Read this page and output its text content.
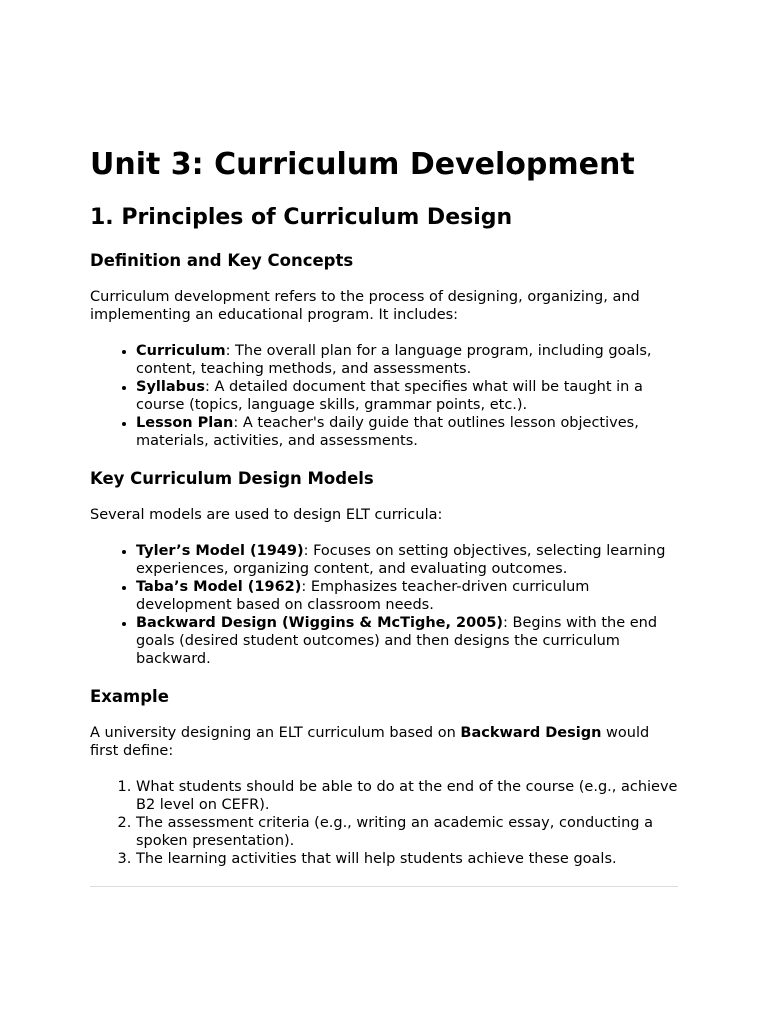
Unit 3: Curriculum Development
1. Principles of Curriculum Design
Definition and Key Concepts

Curriculum development refers to the process of designing, organizing, and implementing an educational program. It includes:

• Curriculum: The overall plan for a language program, including goals, content, teaching methods, and assessments.
• Syllabus: A detailed document that specifies what will be taught in a course (topics, language skills, grammar points, etc.).
• Lesson Plan: A teacher's daily guide that outlines lesson objectives, materials, activities, and assessments.
Key Curriculum Design Models

Several models are used to design ELT curricula:

• Tyler’s Model (1949): Focuses on setting objectives, selecting learning experiences, organizing content, and evaluating outcomes.
• Taba’s Model (1962): Emphasizes teacher-driven curriculum development based on classroom needs.
• Backward Design (Wiggins & McTighe, 2005): Begins with the end goals (desired student outcomes) and then designs the curriculum backward.
Example

A university designing an ELT curriculum based on Backward Design would first define:

1. What students should be able to do at the end of the course (e.g., achieve B2 level on CEFR).
2. The assessment criteria (e.g., writing an academic essay, conducting a spoken presentation).
3. The learning activities that will help students achieve these goals.
